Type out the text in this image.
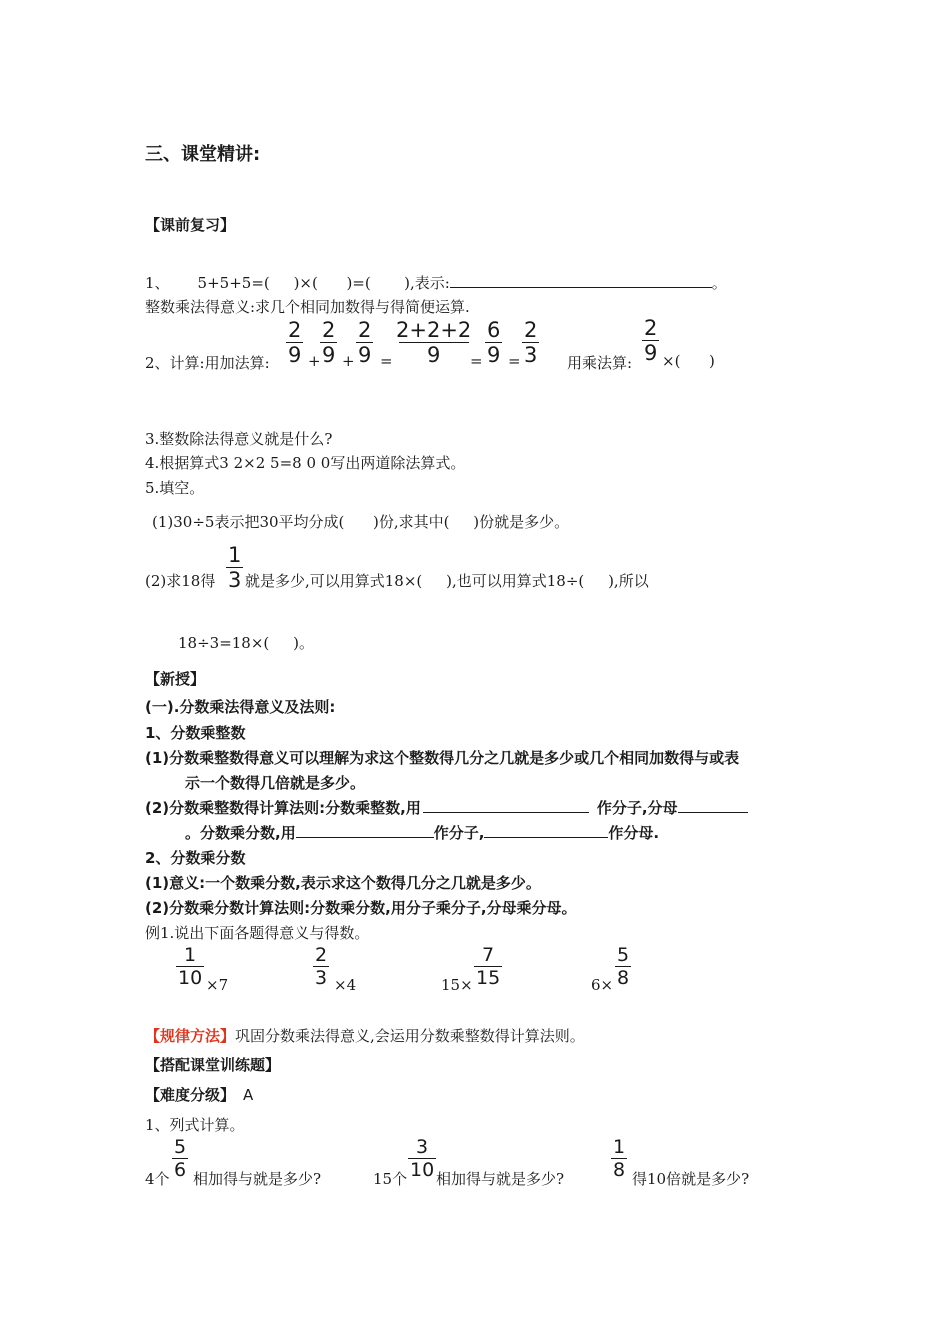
三、课堂精讲:
【课前复习】
1、 5+5+5=(     )×(      )=(       ),表示:	。
整数乘法得意义:求几个相同加数得与得简便运算.
2、计算:用加法算: $\frac{2}{9} + \frac{2}{9} + \frac{2}{9} = \frac{2+2+2}{9}$
= $\frac{6}{9} = \frac{2}{3}$ 用乘法算: $\frac{2}{9}$ ×(      )
3.整数除法得意义就是什么?
4.根据算式3 2×2 5=8 0 0写出两道除法算式。
5.填空。
(1)30÷5表示把30平均分成(      )份,求其中(     )份就是多少。
(2)求18得 $\frac{1}{3}$ 就是多少,可以用算式18×(     ),也可以用算式18÷(     ),所以
18÷3=18×(     )。
【新授】
(一).分数乘法得意义及法则:
1、分数乘整数
(1)分数乘整数得意义可以理解为求这个整数得几分之几就是多少或几个相同加数得与或表
示一个数得几倍就是多少。
(2)分数乘整数得计算法则:分数乘整数,用	作分子,分母
。分数乘分数,用	作分子,	作分母.
2、分数乘分数
(1)意义:一个数乘分数,表示求这个数得几分之几就是多少。
(2)分数乘分数计算法则:分数乘分数,用分子乘分子,分母乘分母。
例1.说出下面各题得意义与得数。
$\frac{1}{10} \times 7$	$\frac{2}{3} \times 4$	$15\times \frac{7}{15}$	$6\times \frac{5}{8}$
【规律方法】巩固分数乘法得意义,会运用分数乘整数得计算法则。
【搭配课堂训练题】
【难度分级】 A
1、列式计算。
4个 $\frac{5}{6}$ 相加得与就是多少?	15个 $\frac{3}{10}$ 相加得与就是多少? $\frac{1}{8}$ 得10倍就是多少?
